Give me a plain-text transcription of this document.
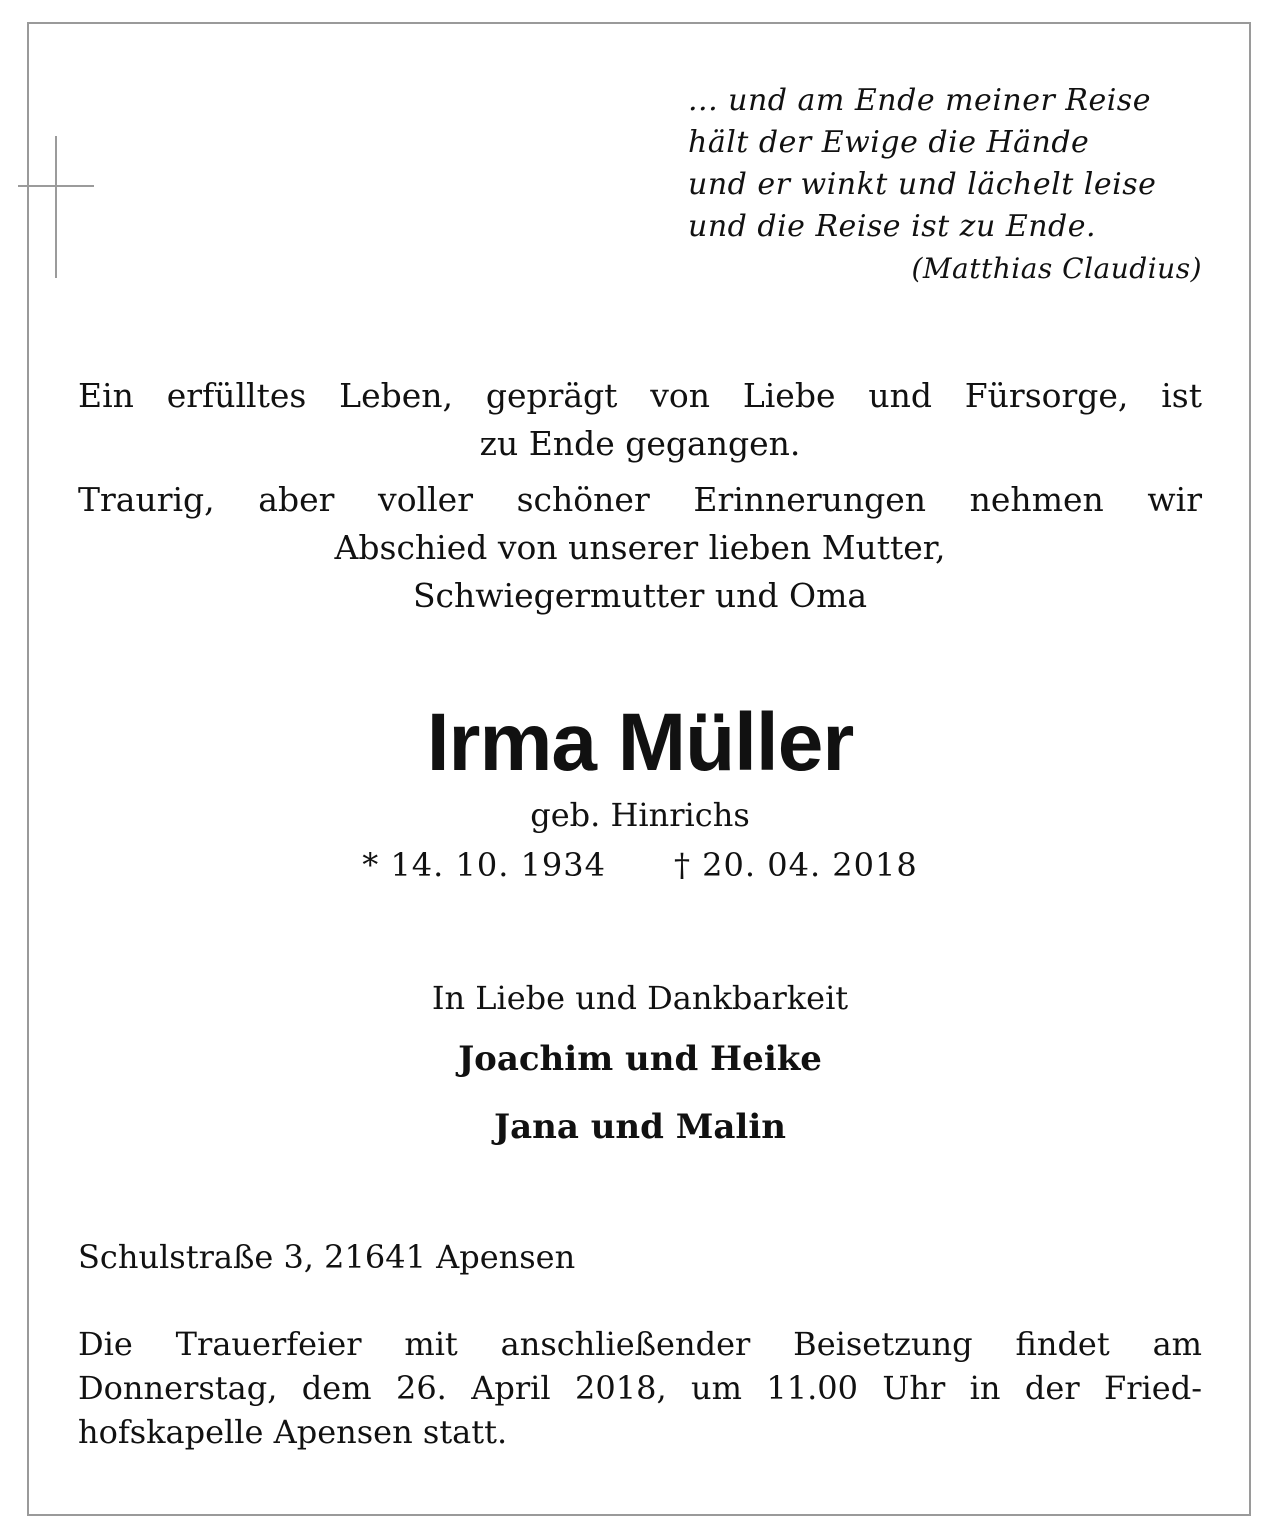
... und am Ende meiner Reise
hält der Ewige die Hände
und er winkt und lächelt leise
und die Reise ist zu Ende.
(Matthias Claudius)
Ein erfülltes Leben, geprägt von Liebe und Fürsorge, ist
zu Ende gegangen.
Traurig, aber voller schöner Erinnerungen nehmen wir
Abschied von unserer lieben Mutter,
Schwiegermutter und Oma
Irma Müller
geb. Hinrichs
* 14. 10. 1934 † 20. 04. 2018
In Liebe und Dankbarkeit
Joachim und Heike
Jana und Malin
Schulstraße 3, 21641 Apensen
Die Trauerfeier mit anschließender Beisetzung findet am
Donnerstag, dem 26. April 2018, um 11.00 Uhr in der Fried-
hofskapelle Apensen statt.
